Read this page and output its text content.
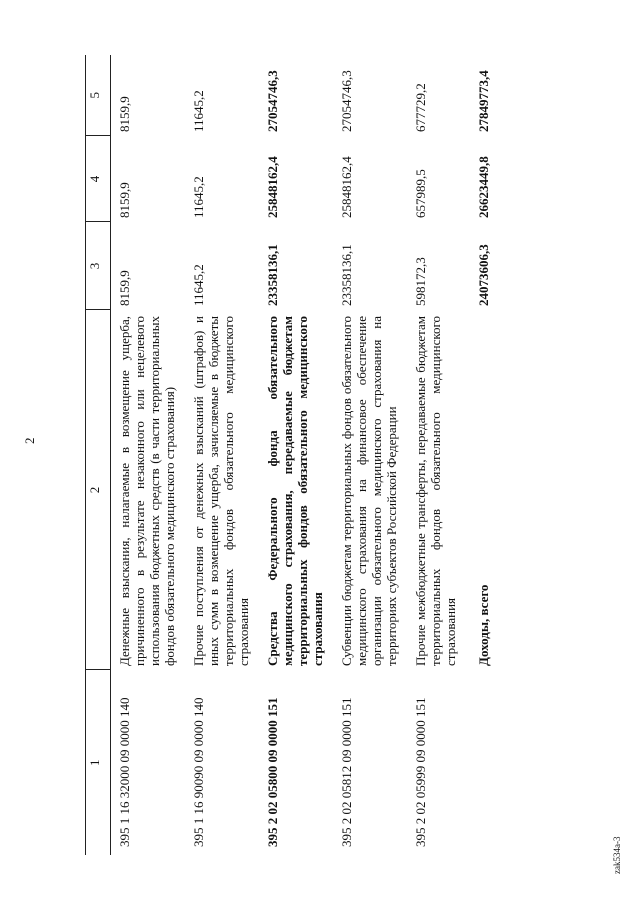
2
1	2	3	4	5
395 1 16 32000 09 0000 140	Денежные взыскания, налагаемые в возмещение ущерба, причиненного в результате незаконного или нецелевого использования бюджетных средств (в части территориальных фондов обязательного медицинского страхования)	8159,9	8159,9	8159,9
395 1 16 90090 09 0000 140	Прочие поступления от денежных взысканий (штрафов) и иных сумм в возмещение ущерба, зачисляемые в бюджеты территориальных фондов обязательного медицинского страхования	11645,2	11645,2	11645,2
395 2 02 05800 09 0000 151	Средства Федерального фонда обязательного медицинского страхования, передаваемые бюджетам территориальных фондов обязательного медицинского страхования	23358136,1	25848162,4	27054746,3
395 2 02 05812 09 0000 151	Субвенции бюджетам территориальных фондов обязательного медицинского страхования на финансовое обеспечение организации обязательного медицинского страхования на территориях субъектов Российской Федерации	23358136,1	25848162,4	27054746,3
395 2 02 05999 09 0000 151	Прочие межбюджетные трансферты, передаваемые бюджетам территориальных фондов обязательного медицинского страхования	598172,3	657989,5	677729,2
	Доходы, всего	24073606,3	26623449,8	27849773,4
zak534a-3
